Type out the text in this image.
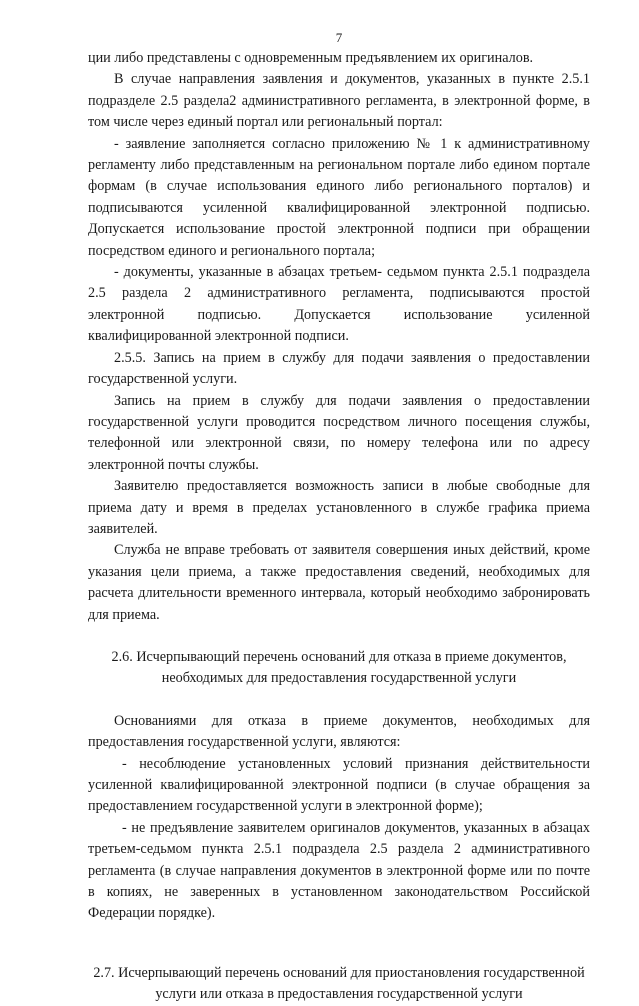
7

ции либо представлены с одновременным предъявлением их оригиналов.

В случае направления заявления и документов, указанных в пункте 2.5.1 подразделе 2.5 раздела2 административного регламента, в электронной форме, в том числе через единый портал или региональный портал:

- заявление заполняется согласно приложению № 1 к административному регламенту либо представленным на региональном портале либо едином портале формам (в случае использования единого либо регионального порталов) и подписываются усиленной квалифицированной электронной подписью. Допускается использование простой электронной подписи при обращении посредством единого и регионального портала;

- документы, указанные в абзацах третьем- седьмом пункта 2.5.1 подраздела 2.5 раздела 2 административного регламента, подписываются простой электронной подписью. Допускается использование усиленной квалифицированной электронной подписи.

2.5.5. Запись на прием в службу для подачи заявления о предоставлении государственной услуги.

Запись на прием в службу для подачи заявления о предоставлении государственной услуги проводится посредством личного посещения службы, телефонной или электронной связи, по номеру телефона или по адресу электронной почты службы.

Заявителю предоставляется возможность записи в любые свободные для приема дату и время в пределах установленного в службе графика приема заявителей.

Служба не вправе требовать от заявителя совершения иных действий, кроме указания цели приема, а также предоставления сведений, необходимых для расчета длительности временного интервала, который необходимо забронировать для приема.

2.6. Исчерпывающий перечень оснований для отказа в приеме документов, необходимых для предоставления государственной услуги

Основаниями для отказа в приеме документов, необходимых для предоставления государственной услуги, являются:

- несоблюдение установленных условий признания действительности усиленной квалифицированной электронной подписи (в случае обращения за предоставлением государственной услуги в электронной форме);

- не предъявление заявителем оригиналов документов, указанных в абзацах третьем-седьмом пункта 2.5.1 подраздела 2.5 раздела 2 административного регламента (в случае направления документов в электронной форме или по почте в копиях, не заверенных в установленном законодательством Российской Федерации порядке).

2.7. Исчерпывающий перечень оснований для приостановления государственной услуги или отказа в предоставления государственной услуги
